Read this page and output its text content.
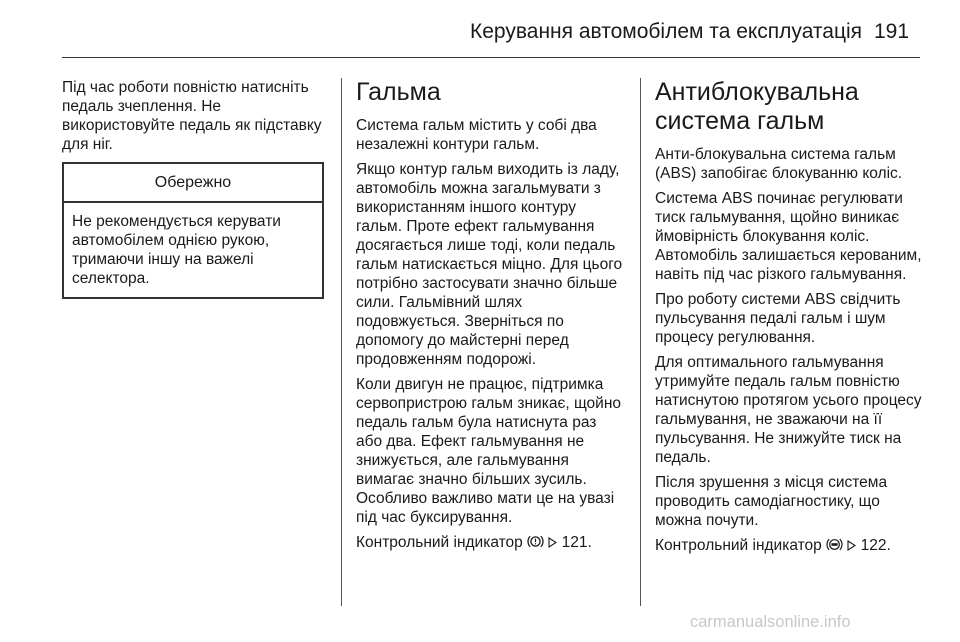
Керування автомобілем та експлуатація 191

Під час роботи повністю натисніть педаль зчеплення. Не використовуйте педаль як підставку для ніг.

Обережно
Не рекомендується керувати автомобілем однією рукою, тримаючи іншу на важелі селектора.
Гальма

Система гальм містить у собі два незалежні контури гальм.

Якщо контур гальм виходить із ладу, автомобіль можна загальмувати з використанням іншого контуру гальм. Проте ефект гальмування досягається лише тоді, коли педаль гальм натискається міцно. Для цього потрібно застосувати значно більше сили. Гальмівний шлях подовжується. Зверніться по допомогу до майстерні перед продовженням подорожі.

Коли двигун не працює, підтримка сервопристрою гальм зникає, щойно педаль гальм була натиснута раз або два. Ефект гальмування не знижується, але гальмування вимагає значно більших зусиль. Особливо важливо мати це на увазі під час буксирування.

Контрольний індикатор	121.

Антиблокувальна система гальм

Анти-блокувальна система гальм (ABS) запобігає блокуванню коліс.

Система ABS починає регулювати тиск гальмування, щойно виникає ймовірність блокування коліс. Автомобіль залишається керованим, навіть під час різкого гальмування.

Про роботу системи ABS свідчить пульсування педалі гальм і шум процесу регулювання.

Для оптимального гальмування утримуйте педаль гальм повністю натиснутою протягом усього процесу гальмування, не зважаючи на її пульсування. Не знижуйте тиск на педаль.

Після зрушення з місця система проводить самодіагностику, що можна почути.

Контрольний індикатор	122.

carmanualsonline.info
